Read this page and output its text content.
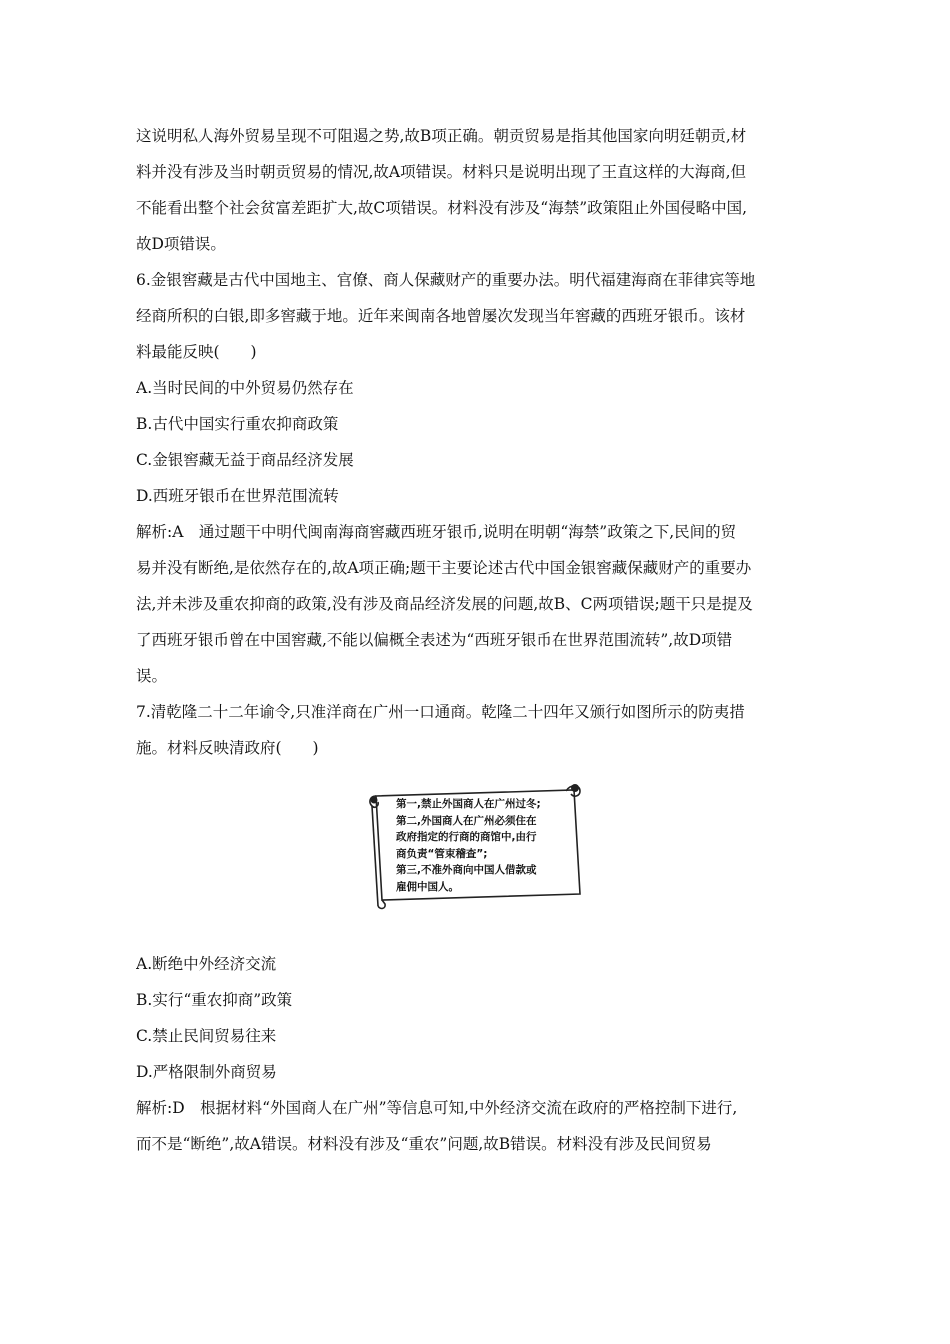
这说明私人海外贸易呈现不可阻遏之势,故B项正确。朝贡贸易是指其他国家向明廷朝贡,材
料并没有涉及当时朝贡贸易的情况,故A项错误。材料只是说明出现了王直这样的大海商,但
不能看出整个社会贫富差距扩大,故C项错误。材料没有涉及“海禁”政策阻止外国侵略中国,
故D项错误。
6.金银窖藏是古代中国地主、官僚、商人保藏财产的重要办法。明代福建海商在菲律宾等地
经商所积的白银,即多窖藏于地。近年来闽南各地曾屡次发现当年窖藏的西班牙银币。该材
料最能反映(　　)
A.当时民间的中外贸易仍然存在
B.古代中国实行重农抑商政策
C.金银窖藏无益于商品经济发展
D.西班牙银币在世界范围流转
解析:A　通过题干中明代闽南海商窖藏西班牙银币,说明在明朝“海禁”政策之下,民间的贸
易并没有断绝,是依然存在的,故A项正确;题干主要论述古代中国金银窖藏保藏财产的重要办
法,并未涉及重农抑商的政策,没有涉及商品经济发展的问题,故B、C两项错误;题干只是提及
了西班牙银币曾在中国窖藏,不能以偏概全表述为“西班牙银币在世界范围流转”,故D项错
误。
7.清乾隆二十二年谕令,只准洋商在广州一口通商。乾隆二十四年又颁行如图所示的防夷措
施。材料反映清政府(　　)
第一,禁止外国商人在广州过冬;
第二,外国商人在广州必须住在
政府指定的行商的商馆中,由行
商负责“管束稽查”;
第三,不准外商向中国人借款或
雇佣中国人。
A.断绝中外经济交流
B.实行“重农抑商”政策
C.禁止民间贸易往来
D.严格限制外商贸易
解析:D　根据材料“外国商人在广州”等信息可知,中外经济交流在政府的严格控制下进行,
而不是“断绝”,故A错误。材料没有涉及“重农”问题,故B错误。材料没有涉及民间贸易
